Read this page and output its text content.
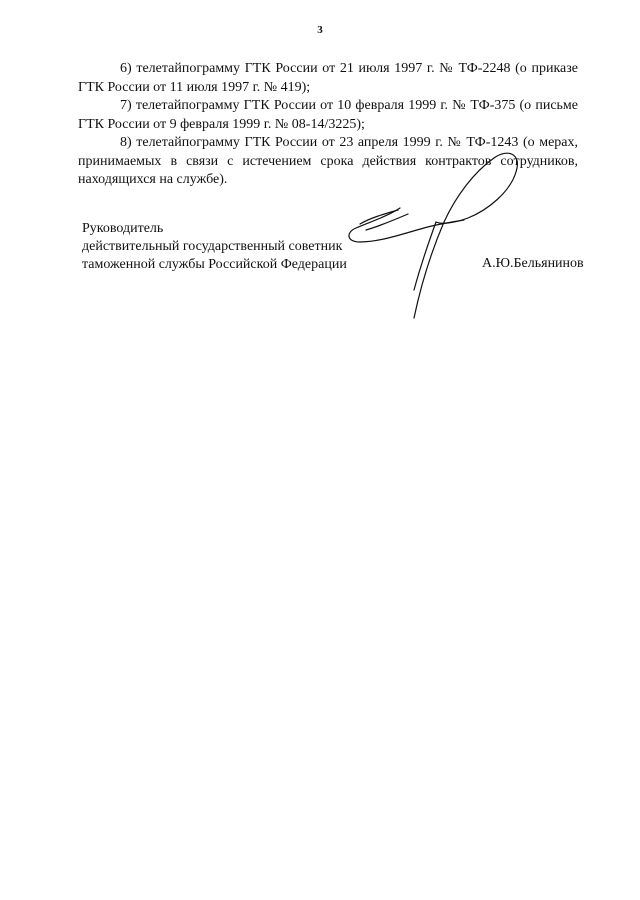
3

6) телетайпограмму ГТК России от 21 июля 1997 г. № ТФ-2248 (о приказе ГТК России от 11 июля 1997 г. № 419);

7) телетайпограмму ГТК России от 10 февраля 1999 г. № ТФ-375 (о письме ГТК России от 9 февраля 1999 г. № 08-14/3225);

8) телетайпограмму ГТК России от 23 апреля 1999 г. № ТФ-1243 (о мерах, принимаемых в связи с истечением срока действия контрактов сотрудников, находящихся на службе).

Руководитель
действительный государственный советник
таможенной службы Российской Федерации	А.Ю.Бельянинов
